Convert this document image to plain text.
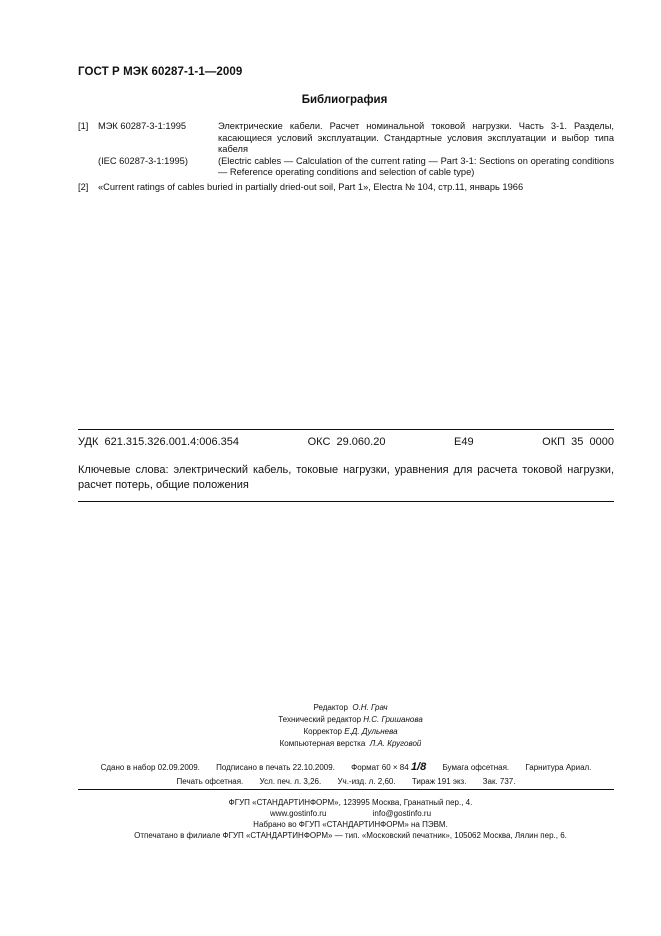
ГОСТ Р МЭК 60287-1-1—2009
Библиография
[1]	МЭК 60287-3-1:1995	Электрические кабели. Расчет номинальной токовой нагрузки. Часть 3-1. Разделы, касающиеся условий эксплуатации. Стандартные условия эксплуатации и выбор типа кабеля
(IEC 60287-3-1:1995)	(Electric cables — Calculation of the current rating — Part 3-1: Sections on operating conditions — Reference operating conditions and selection of cable type)
[2]	«Current ratings of cables buried in partially dried-out soil, Part 1», Electra № 104, стр.11, январь 1966
УДК  621.315.326.001.4:006.354	ОКС  29.060.20	Е49	ОКП  35  0000
Ключевые слова: электрический кабель, токовые нагрузки, уравнения для расчета токовой нагрузки, расчет потерь, общие положения
Редактор О.Н. Грач
Технический редактор Н.С. Гришанова
Корректор Е.Д. Дульнева
Компьютерная верстка Л.А. Круговой
Сдано в набор 02.09.2009. Подписано в печать 22.10.2009. Формат 60 × 84 1/8 Бумага офсетная. Гарнитура Ариал.
Печать офсетная. Усл. печ. л. 3,26. Уч.-изд. л. 2,60. Тираж 191 экз. Зак. 737.
ФГУП «СТАНДАРТИНФОРМ», 123995 Москва, Гранатный пер., 4.
www.gostinfo.ru	info@gostinfo.ru
Набрано во ФГУП «СТАНДАРТИНФОРМ» на ПЭВМ.
Отпечатано в филиале ФГУП «СТАНДАРТИНФОРМ» — тип. «Московский печатник», 105062 Москва, Лялин пер., 6.
